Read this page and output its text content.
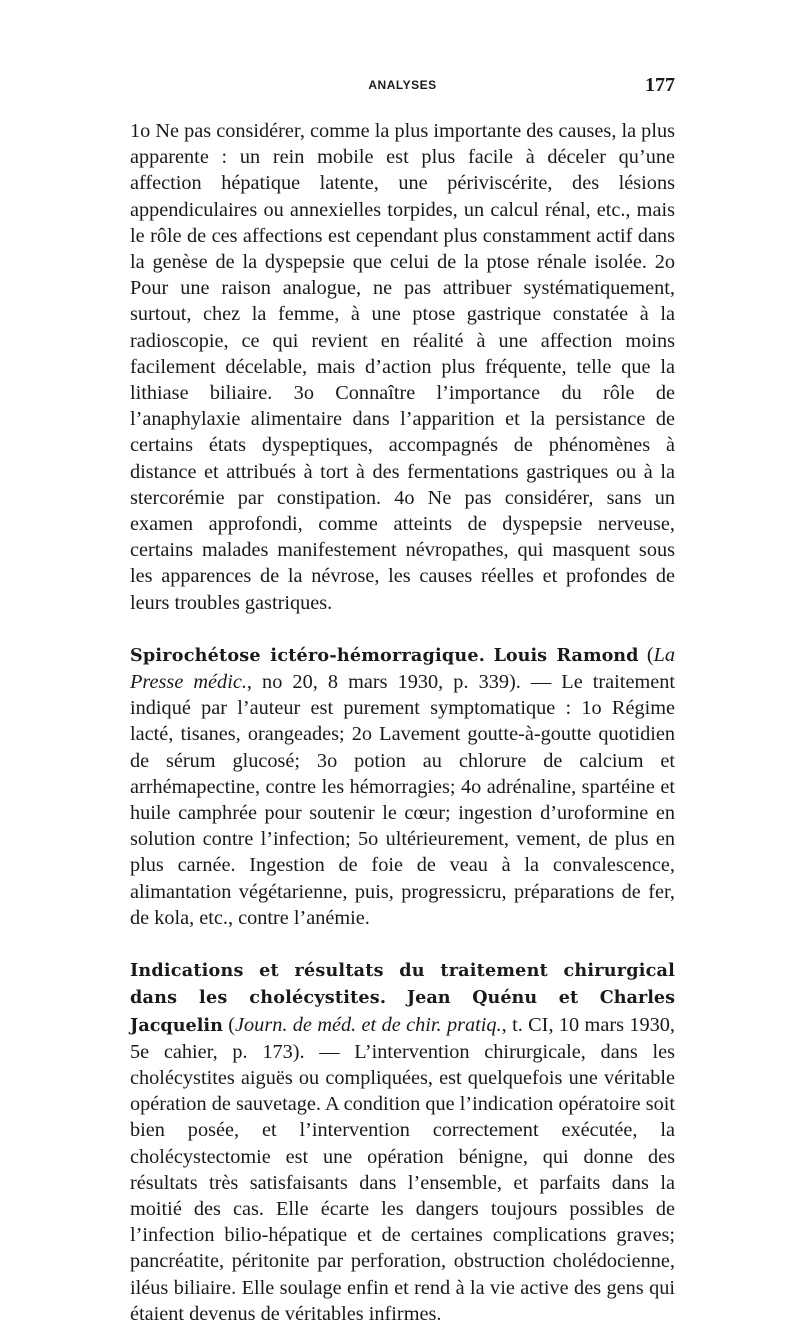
ANALYSES	177

1o Ne pas considérer, comme la plus importante des causes, la plus apparente : un rein mobile est plus facile à déceler qu’une affection hépatique latente, une périviscérite, des lésions appendiculaires ou annexielles torpides, un calcul rénal, etc., mais le rôle de ces affections est cependant plus constamment actif dans la genèse de la dyspepsie que celui de la ptose rénale isolée. 2o Pour une raison analogue, ne pas attribuer systématiquement, surtout, chez la femme, à une ptose gastrique constatée à la radioscopie, ce qui revient en réalité à une affection moins facilement décelable, mais d’action plus fréquente, telle que la lithiase biliaire. 3o Connaître l’importance du rôle de l’anaphylaxie alimentaire dans l’apparition et la persistance de certains états dyspeptiques, accompagnés de phénomènes à distance et attribués à tort à des fermentations gastriques ou à la stercorémie par constipation. 4o Ne pas considérer, sans un examen approfondi, comme atteints de dyspepsie nerveuse, certains malades manifestement névropathes, qui masquent sous les apparences de la névrose, les causes réelles et profondes de leurs troubles gastriques.

Spirochétose ictéro-hémorragique. Louis Ramond (La Presse médic., no 20, 8 mars 1930, p. 339). — Le traitement indiqué par l’auteur est purement symptomatique : 1o Régime lacté, tisanes, orangeades; 2o Lavement goutte-à-goutte quotidien de sérum glucosé; 3o potion au chlorure de calcium et arrhémapectine, contre les hémorragies; 4o adrénaline, spartéine et huile camphrée pour soutenir le cœur; ingestion d’uroformine en solution contre l’infection; 5o ultérieurement, vement, de plus en plus carnée. Ingestion de foie de veau à la convalescence, alimantation végétarienne, puis, progressicru, préparations de fer, de kola, etc., contre l’anémie.

Indications et résultats du traitement chirurgical dans les cholécystites. Jean Quénu et Charles Jacquelin (Journ. de méd. et de chir. pratiq., t. CI, 10 mars 1930, 5e cahier, p. 173). — L’intervention chirurgicale, dans les cholécystites aiguës ou compliquées, est quelquefois une véritable opération de sauvetage. A condition que l’indication opératoire soit bien posée, et l’intervention correctement exécutée, la cholécystectomie est une opération bénigne, qui donne des résultats très satisfaisants dans l’ensemble, et parfaits dans la moitié des cas. Elle écarte les dangers toujours possibles de l’infection bilio-hépatique et de certaines complications graves; pancréatite, péritonite par perforation, obstruction cholédocienne, iléus biliaire. Elle soulage enfin et rend à la vie active des gens qui étaient devenus de véritables infirmes.
